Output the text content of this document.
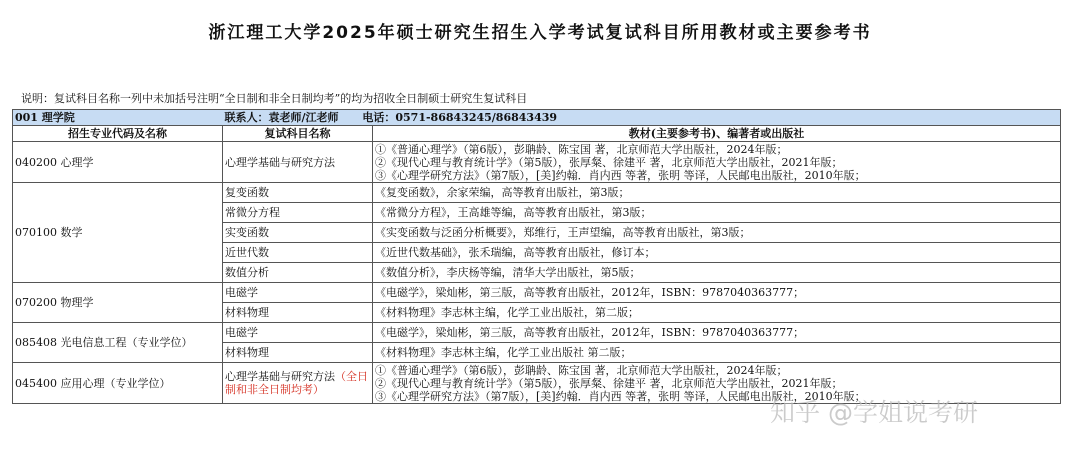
浙江理工大学2025年硕士研究生招生入学考试复试科目所用教材或主要参考书
说明：复试科目名称一列中未加括号注明“全日制和非全日制均考”的均为招收全日制硕士研究生复试科目
001 理学院	联系人：袁老师/江老师 电话：0571-86843245/86843439	
招生专业代码及名称	复试科目名称	教材(主要参考书)、编著者或出版社
040200 心理学	心理学基础与研究方法	①《普通心理学》（第6版），彭聃龄、陈宝国 著，北京师范大学出版社，2024年版；
②《现代心理与教育统计学》（第5版），张厚粲、徐建平 著，北京师范大学出版社，2021年版；
③《心理学研究方法》（第7版），[美]约翰．肖内西 等著，张明 等译，人民邮电出版社，2010年版；

070100 数学	复变函数	《复变函数》，余家荣编，高等教育出版社，第3版；

	常微分方程	《常微分方程》，王高雄等编，高等教育出版社，第3版；

	实变函数	《实变函数与泛函分析概要》，郑维行，王声望编，高等教育出版社，第3版；

	近世代数	《近世代数基础》，张禾瑞编，高等教育出版社，修订本；

	数值分析	《数值分析》，李庆杨等编，清华大学出版社，第5版；

070200 物理学	电磁学	《电磁学》，梁灿彬，第三版，高等教育出版社，2012年，ISBN：9787040363777；

	材料物理	《材料物理》李志林主编，化学工业出版社，第二版；

085408 光电信息工程（专业学位）	电磁学	《电磁学》，梁灿彬，第三版，高等教育出版社，2012年，ISBN：9787040363777；

	材料物理	《材料物理》李志林主编，化学工业出版社 第二版；

045400 应用心理（专业学位）	心理学基础与研究方法（全日制和非全日制均考）	①《普通心理学》（第6版），彭聃龄、陈宝国 著，北京师范大学出版社，2024年版；
②《现代心理与教育统计学》（第5版），张厚粲、徐建平 著，北京师范大学出版社，2021年版；
③《心理学研究方法》（第7版），[美]约翰．肖内西 等著，张明 等译，人民邮电出版社，2010年版；
知乎 @学姐说考研
